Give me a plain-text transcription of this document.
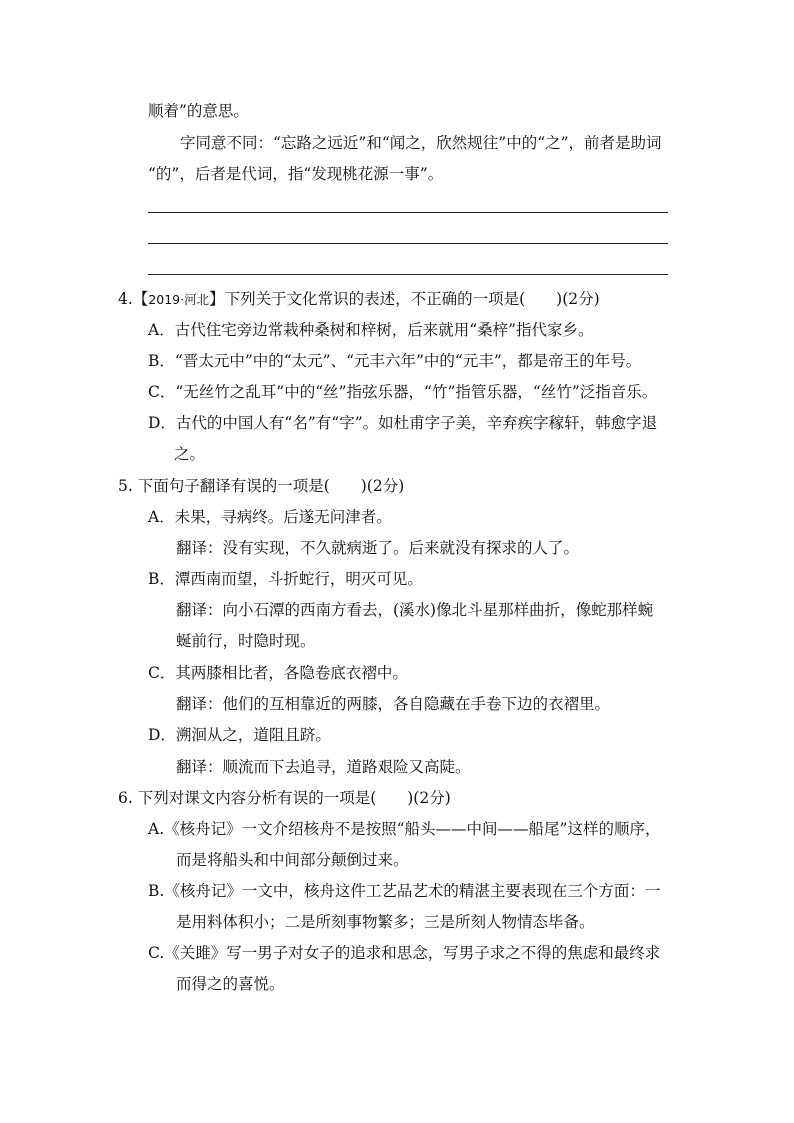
顺着”的意思。
字同意不同：“忘路之远近”和“闻之，欣然规往”中的“之”，前者是助词
“的”，后者是代词，指“发现桃花源一事”。
4.【2019·河北】下列关于文化常识的表述，不正确的一项是(　　)(2分)
A．古代住宅旁边常栽种桑树和梓树，后来就用“桑梓”指代家乡。
B．“晋太元中”中的“太元”、“元丰六年”中的“元丰”，都是帝王的年号。
C．“无丝竹之乱耳”中的“丝”指弦乐器，“竹”指管乐器，“丝竹”泛指音乐。
D．古代的中国人有“名”有“字”。如杜甫字子美，辛弃疾字稼轩，韩愈字退
之。
5. 下面句子翻译有误的一项是(　　)(2分)
A．未果，寻病终。后遂无问津者。
翻译：没有实现，不久就病逝了。后来就没有探求的人了。
B．潭西南而望，斗折蛇行，明灭可见。
翻译：向小石潭的西南方看去，(溪水)像北斗星那样曲折，像蛇那样蜿
蜒前行，时隐时现。
C．其两膝相比者，各隐卷底衣褶中。
翻译：他们的互相靠近的两膝，各自隐藏在手卷下边的衣褶里。
D．溯洄从之，道阻且跻。
翻译：顺流而下去追寻，道路艰险又高陡。
6. 下列对课文内容分析有误的一项是(　　)(2分)
A.《核舟记》一文介绍核舟不是按照“船头——中间——船尾”这样的顺序，
而是将船头和中间部分颠倒过来。
B.《核舟记》一文中，核舟这件工艺品艺术的精湛主要表现在三个方面：一
是用料体积小；二是所刻事物繁多；三是所刻人物情态毕备。
C.《关雎》写一男子对女子的追求和思念，写男子求之不得的焦虑和最终求
而得之的喜悦。
